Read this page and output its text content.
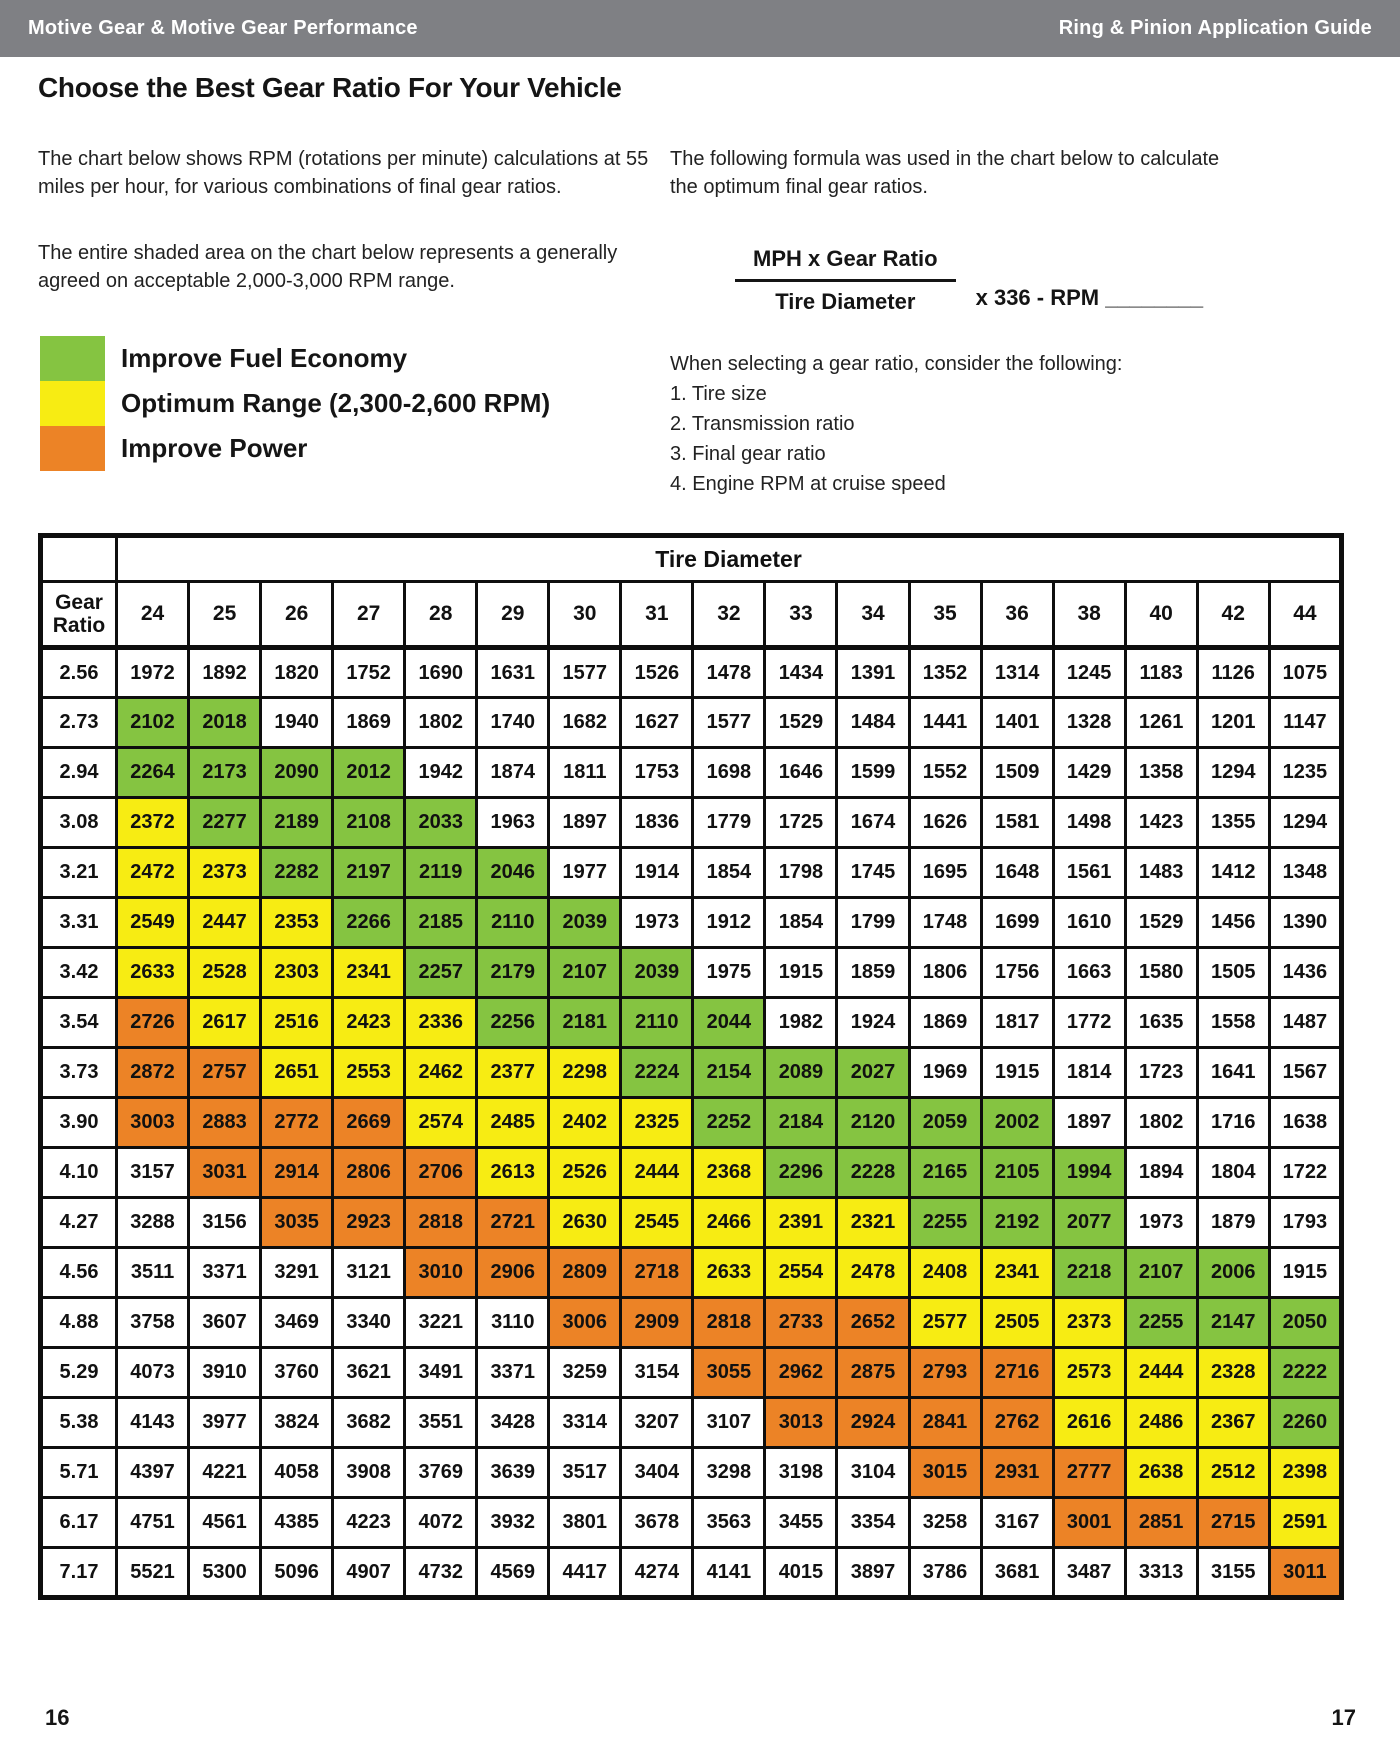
Motive Gear & Motive Gear Performance	Ring & Pinion Application Guide
Choose the Best Gear Ratio For Your Vehicle
The chart below shows RPM (rotations per minute) calculations at 55 miles per hour, for various combinations of final gear ratios.
The entire shaded area on the chart below represents a generally agreed on acceptable 2,000-3,000 RPM range.
Improve Fuel Economy
Optimum Range (2,300-2,600 RPM)
Improve Power
The following formula was used in the chart below to calculate the optimum final gear ratios.
$\frac{\text{MPH x Gear Ratio}}{\text{Tire Diameter}}$ x 336 - RPM ________
When selecting a gear ratio, consider the following:
1. Tire size
2. Transmission ratio
3. Final gear ratio
4. Engine RPM at cruise speed
	Tire Diameter																
Gear Ratio	24	25	26	27	28	29	30	31	32	33	34	35	36	38	40	42	44
2.56	1972	1892	1820	1752	1690	1631	1577	1526	1478	1434	1391	1352	1314	1245	1183	1126	1075
2.73	2102	2018	1940	1869	1802	1740	1682	1627	1577	1529	1484	1441	1401	1328	1261	1201	1147
2.94	2264	2173	2090	2012	1942	1874	1811	1753	1698	1646	1599	1552	1509	1429	1358	1294	1235
3.08	2372	2277	2189	2108	2033	1963	1897	1836	1779	1725	1674	1626	1581	1498	1423	1355	1294
3.21	2472	2373	2282	2197	2119	2046	1977	1914	1854	1798	1745	1695	1648	1561	1483	1412	1348
3.31	2549	2447	2353	2266	2185	2110	2039	1973	1912	1854	1799	1748	1699	1610	1529	1456	1390
3.42	2633	2528	2303	2341	2257	2179	2107	2039	1975	1915	1859	1806	1756	1663	1580	1505	1436
3.54	2726	2617	2516	2423	2336	2256	2181	2110	2044	1982	1924	1869	1817	1772	1635	1558	1487
3.73	2872	2757	2651	2553	2462	2377	2298	2224	2154	2089	2027	1969	1915	1814	1723	1641	1567
3.90	3003	2883	2772	2669	2574	2485	2402	2325	2252	2184	2120	2059	2002	1897	1802	1716	1638
4.10	3157	3031	2914	2806	2706	2613	2526	2444	2368	2296	2228	2165	2105	1994	1894	1804	1722
4.27	3288	3156	3035	2923	2818	2721	2630	2545	2466	2391	2321	2255	2192	2077	1973	1879	1793
4.56	3511	3371	3291	3121	3010	2906	2809	2718	2633	2554	2478	2408	2341	2218	2107	2006	1915
4.88	3758	3607	3469	3340	3221	3110	3006	2909	2818	2733	2652	2577	2505	2373	2255	2147	2050
5.29	4073	3910	3760	3621	3491	3371	3259	3154	3055	2962	2875	2793	2716	2573	2444	2328	2222
5.38	4143	3977	3824	3682	3551	3428	3314	3207	3107	3013	2924	2841	2762	2616	2486	2367	2260
5.71	4397	4221	4058	3908	3769	3639	3517	3404	3298	3198	3104	3015	2931	2777	2638	2512	2398
6.17	4751	4561	4385	4223	4072	3932	3801	3678	3563	3455	3354	3258	3167	3001	2851	2715	2591
7.17	5521	5300	5096	4907	4732	4569	4417	4274	4141	4015	3897	3786	3681	3487	3313	3155	3011
16	17
